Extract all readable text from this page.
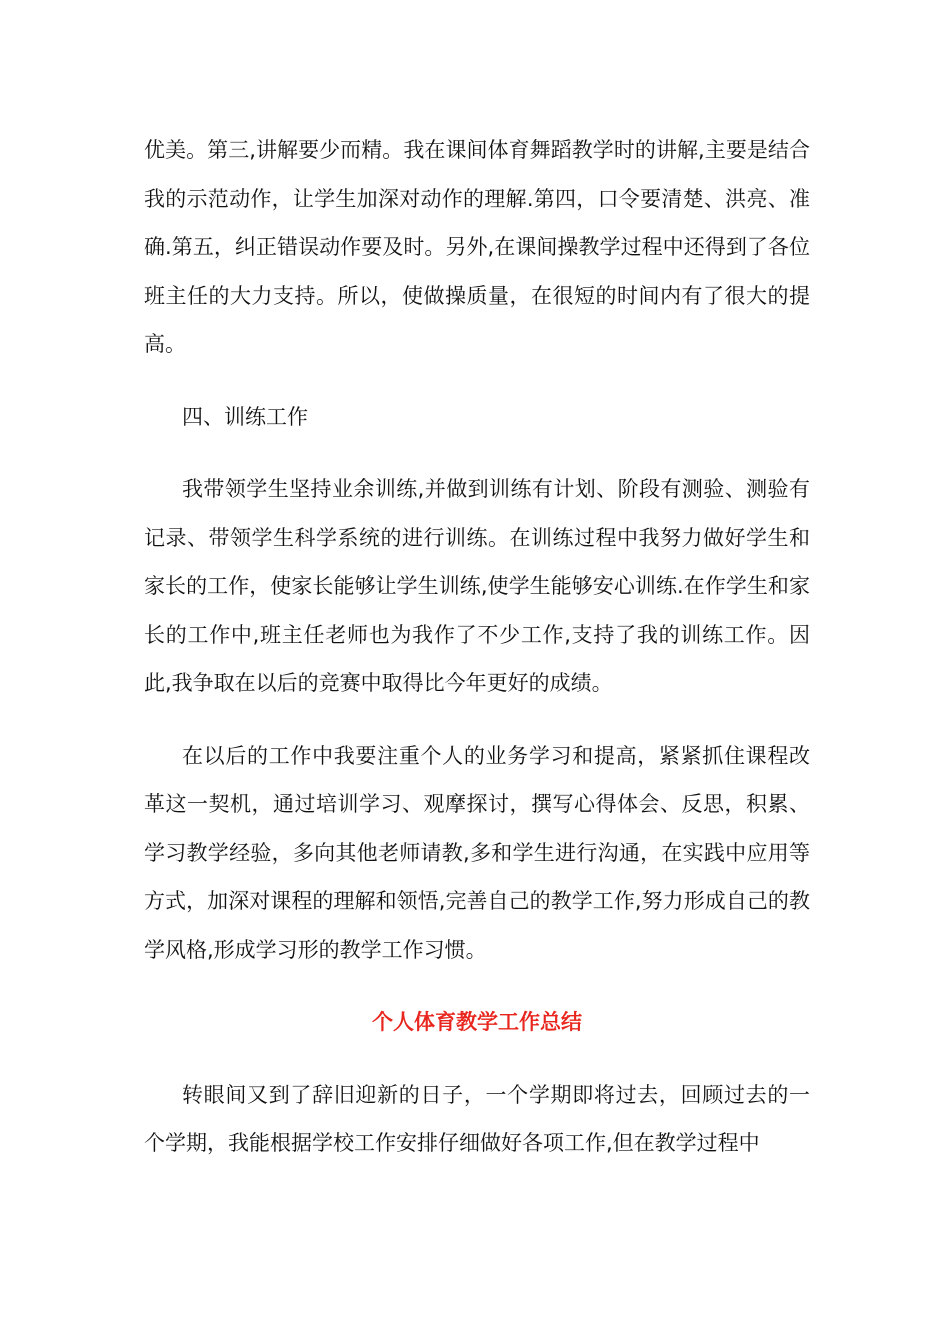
优美。第三,讲解要少而精。我在课间体育舞蹈教学时的讲解,主要是结合我的示范动作，让学生加深对动作的理解.第四，口令要清楚、洪亮、准确.第五，纠正错误动作要及时。另外,在课间操教学过程中还得到了各位班主任的大力支持。所以，使做操质量，在很短的时间内有了很大的提高。

四、训练工作

我带领学生坚持业余训练,并做到训练有计划、阶段有测验、测验有记录、带领学生科学系统的进行训练。在训练过程中我努力做好学生和家长的工作，使家长能够让学生训练,使学生能够安心训练.在作学生和家长的工作中,班主任老师也为我作了不少工作,支持了我的训练工作。因此,我争取在以后的竞赛中取得比今年更好的成绩。

在以后的工作中我要注重个人的业务学习和提高，紧紧抓住课程改革这一契机，通过培训学习、观摩探讨，撰写心得体会、反思，积累、学习教学经验，多向其他老师请教,多和学生进行沟通，在实践中应用等方式，加深对课程的理解和领悟,完善自己的教学工作,努力形成自己的教学风格,形成学习形的教学工作习惯。

个人体育教学工作总结

转眼间又到了辞旧迎新的日子，一个学期即将过去，回顾过去的一个学期，我能根据学校工作安排仔细做好各项工作,但在教学过程中
